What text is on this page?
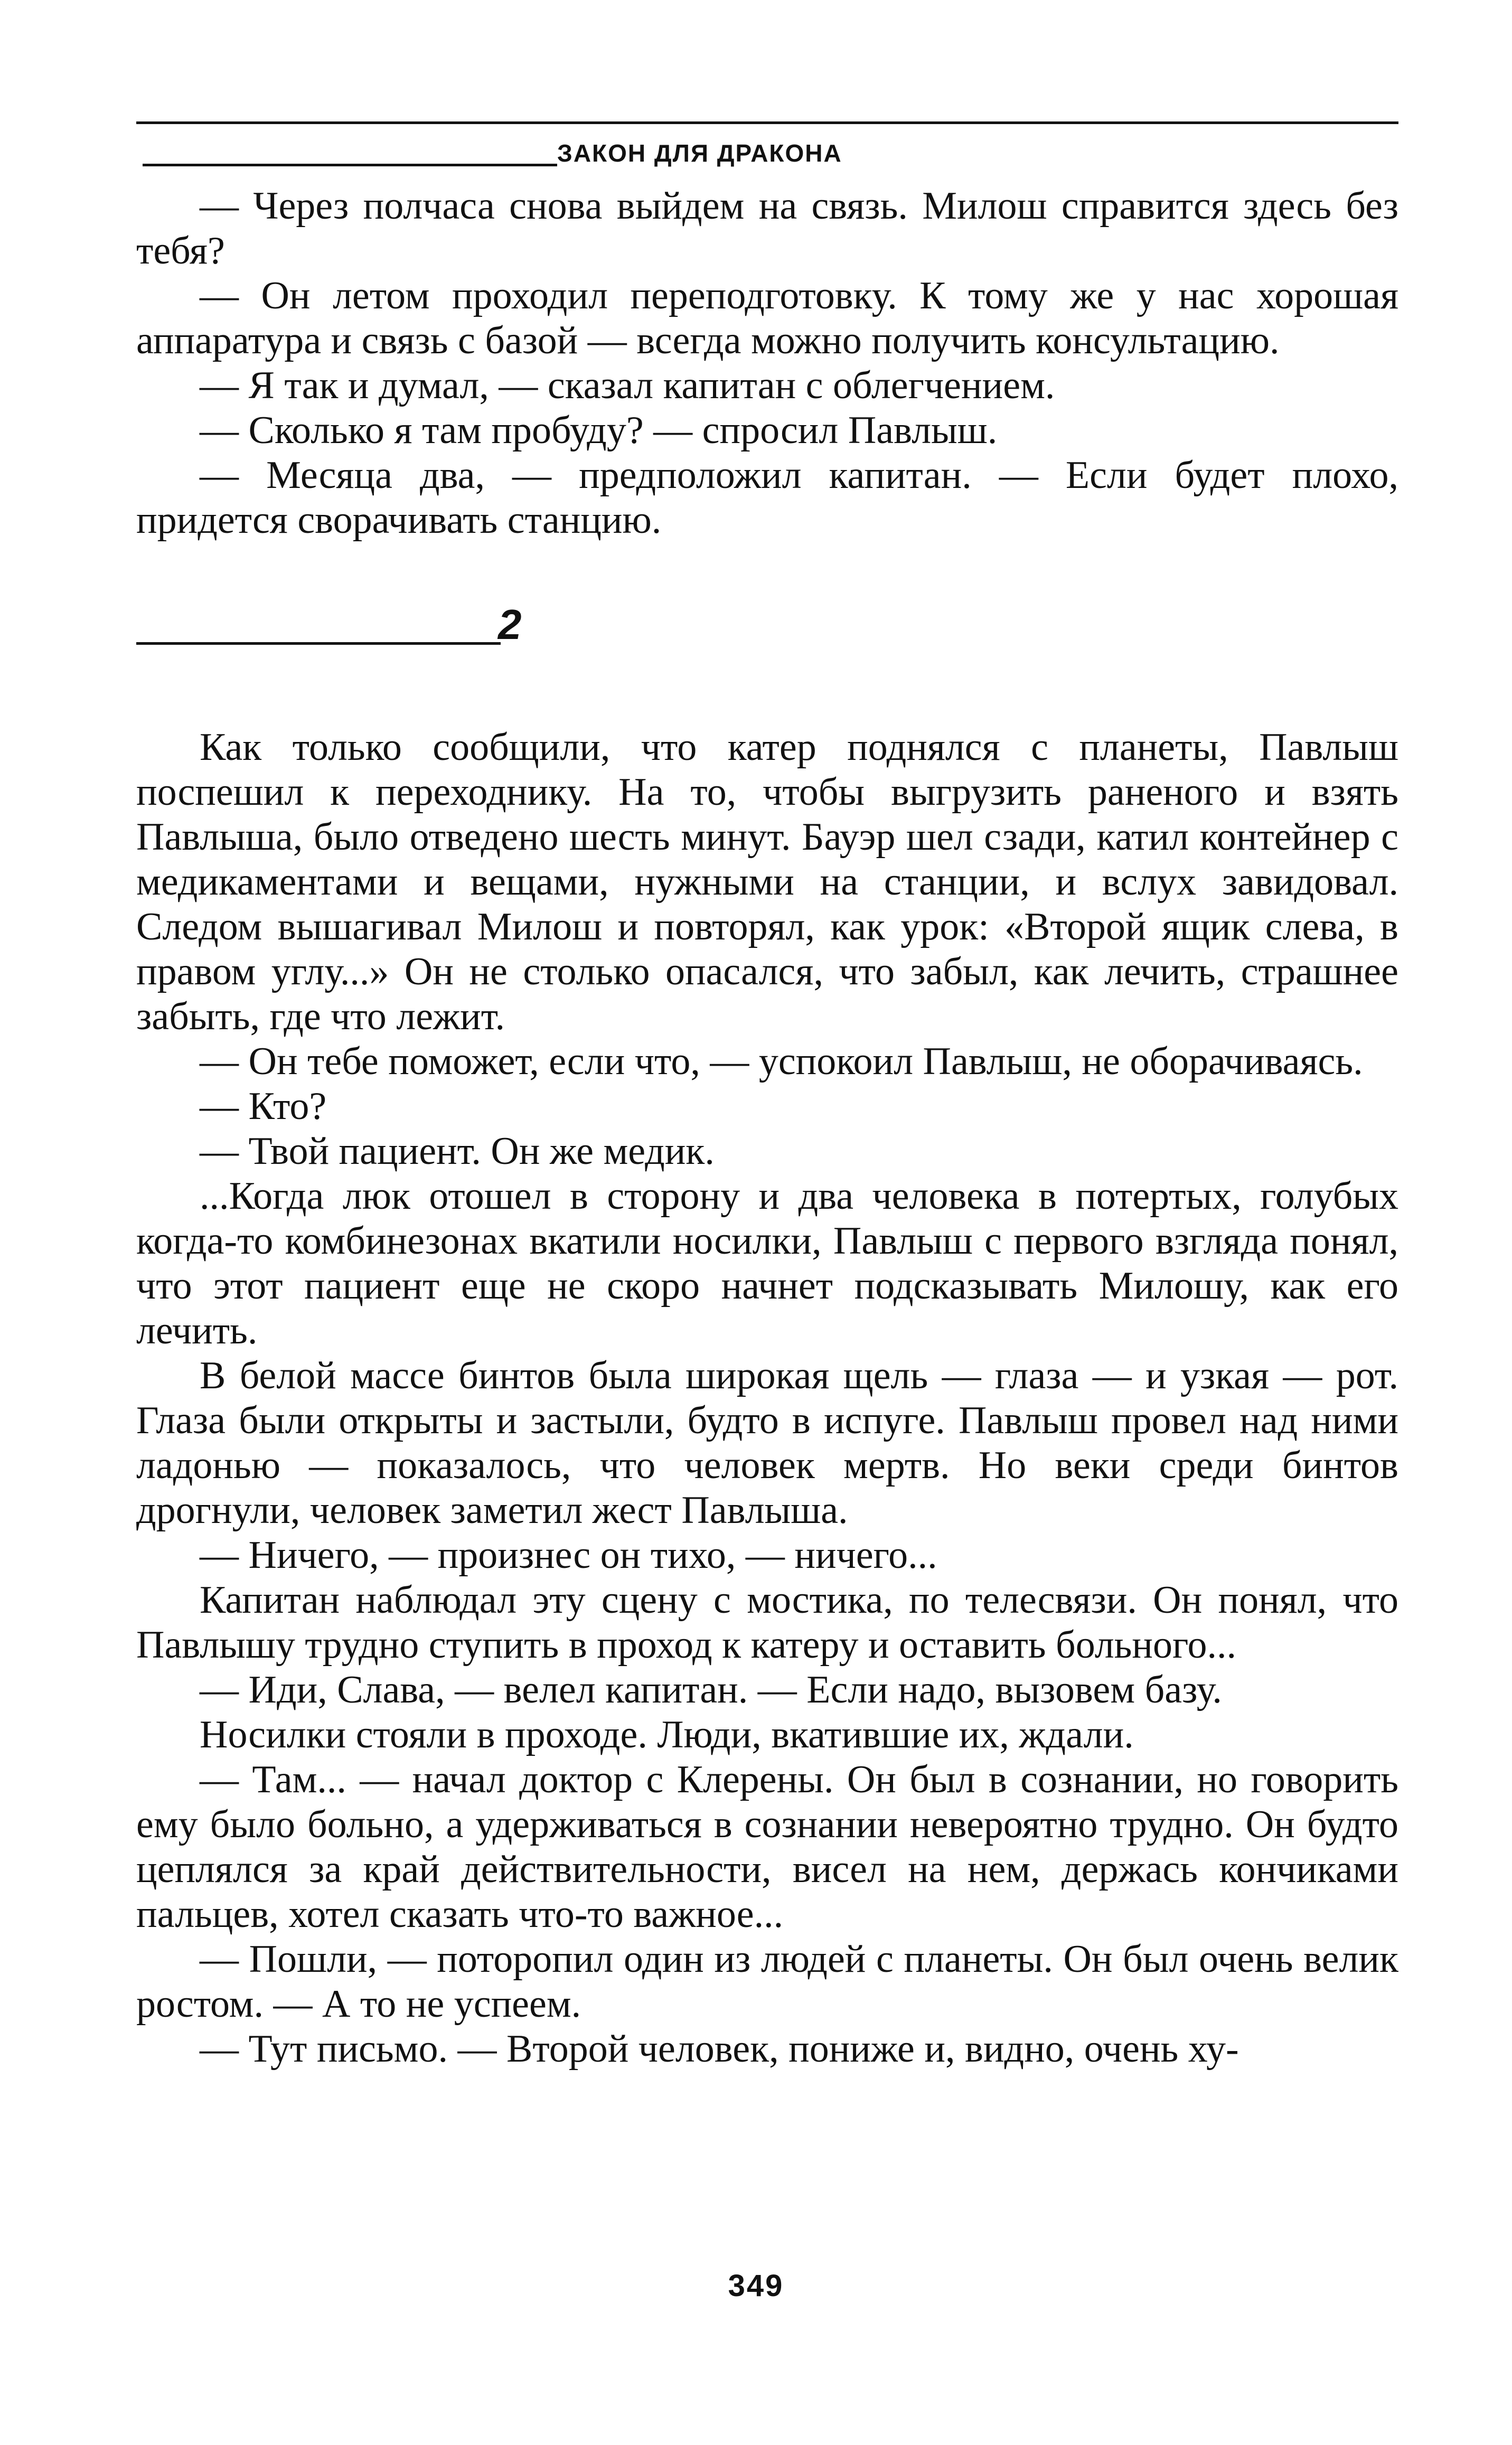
ЗАКОН ДЛЯ ДРАКОНА

— Через полчаса снова выйдем на связь. Милош справится здесь без тебя?

— Он летом проходил переподготовку. К тому же у нас хорошая аппаратура и связь с базой — всегда можно получить консультацию.

— Я так и думал, — сказал капитан с облегчением.

— Сколько я там пробуду? — спросил Павлыш.

— Месяца два, — предположил капитан. — Если будет плохо, придется сворачивать станцию.

2

Как только сообщили, что катер поднялся с планеты, Павлыш поспешил к переходнику. На то, чтобы выгрузить раненого и взять Павлыша, было отведено шесть минут. Бауэр шел сзади, катил контейнер с медикаментами и вещами, нужными на станции, и вслух завидовал. Следом вышагивал Милош и повторял, как урок: «Второй ящик слева, в правом углу...» Он не столько опасался, что забыл, как лечить, страшнее забыть, где что лежит.

— Он тебе поможет, если что, — успокоил Павлыш, не оборачиваясь.

— Кто?

— Твой пациент. Он же медик.

...Когда люк отошел в сторону и два человека в потертых, голубых когда-то комбинезонах вкатили носилки, Павлыш с первого взгляда понял, что этот пациент еще не скоро начнет подсказывать Милошу, как его лечить.

В белой массе бинтов была широкая щель — глаза — и узкая — рот. Глаза были открыты и застыли, будто в испуге. Павлыш провел над ними ладонью — показалось, что человек мертв. Но веки среди бинтов дрогнули, человек заметил жест Павлыша.

— Ничего, — произнес он тихо, — ничего...

Капитан наблюдал эту сцену с мостика, по телесвязи. Он понял, что Павлышу трудно ступить в проход к катеру и оставить больного...

— Иди, Слава, — велел капитан. — Если надо, вызовем базу.

Носилки стояли в проходе. Люди, вкатившие их, ждали.

— Там... — начал доктор с Клерены. Он был в сознании, но говорить ему было больно, а удерживаться в сознании невероятно трудно. Он будто цеплялся за край действительности, висел на нем, держась кончиками пальцев, хотел сказать что-то важное...

— Пошли, — поторопил один из людей с планеты. Он был очень велик ростом. — А то не успеем.

— Тут письмо. — Второй человек, пониже и, видно, очень ху-

349
